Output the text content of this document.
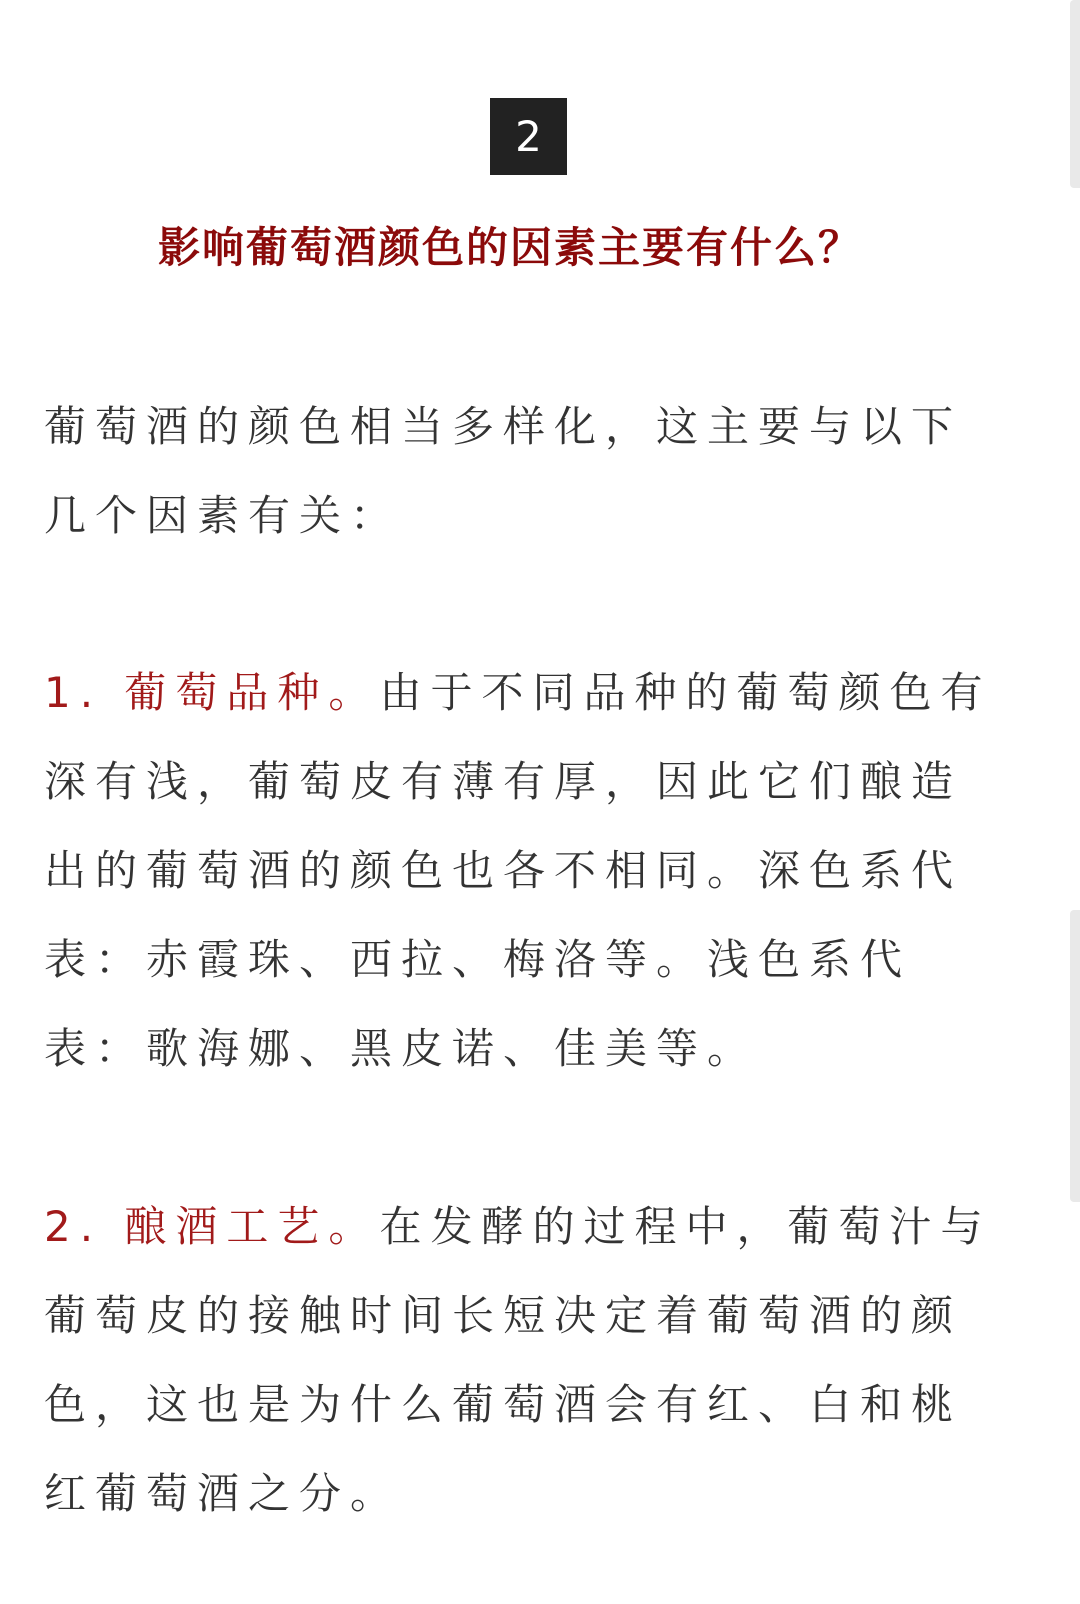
2
影响葡萄酒颜色的因素主要有什么？

葡萄酒的颜色相当多样化，这主要与以下几个因素有关：

1. 葡萄品种。由于不同品种的葡萄颜色有深有浅，葡萄皮有薄有厚，因此它们酿造出的葡萄酒的颜色也各不相同。深色系代表：赤霞珠、西拉、梅洛等。浅色系代表：歌海娜、黑皮诺、佳美等。

2. 酿酒工艺。在发酵的过程中，葡萄汁与葡萄皮的接触时间长短决定着葡萄酒的颜色，这也是为什么葡萄酒会有红、白和桃红葡萄酒之分。
